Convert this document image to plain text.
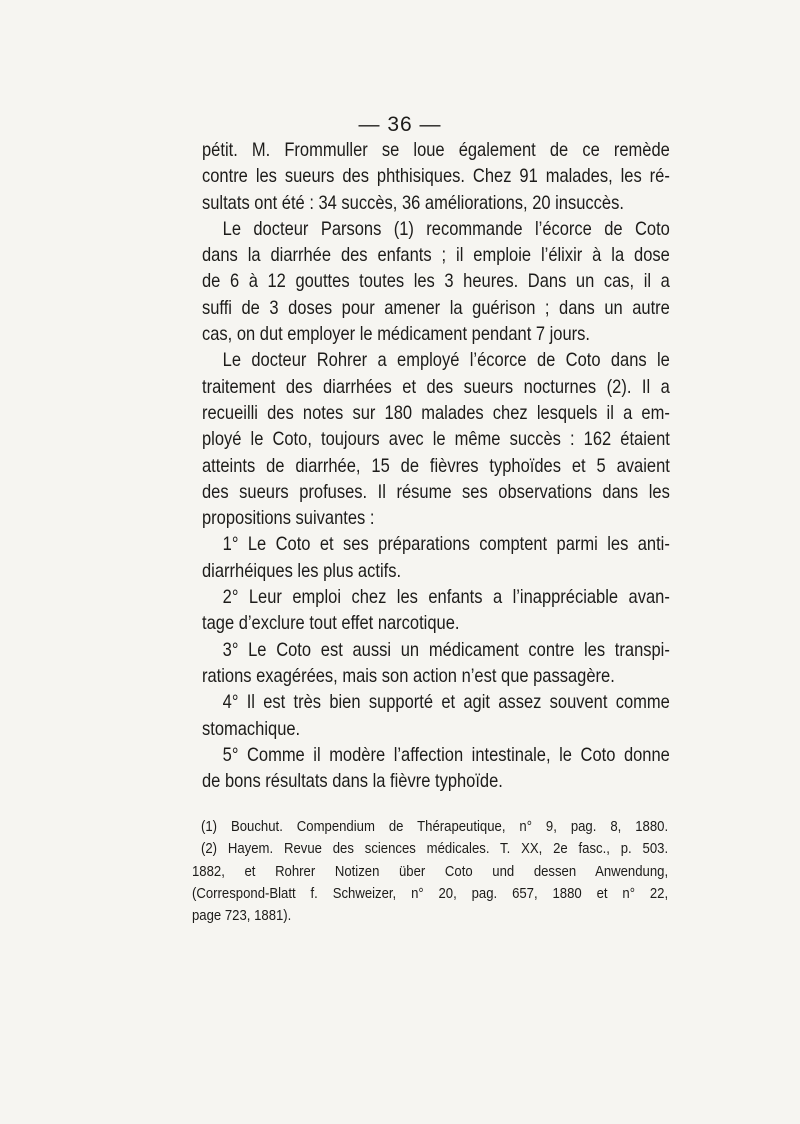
— 36 —
pétit. M. Frommuller se loue également de ce remède
contre les sueurs des phthisiques. Chez 91 malades, les ré-
sultats ont été : 34 succès, 36 améliorations, 20 insuccès.
Le docteur Parsons (1) recommande l’écorce de Coto
dans la diarrhée des enfants ; il emploie l’élixir à la dose
de 6 à 12 gouttes toutes les 3 heures. Dans un cas, il a
suffi de 3 doses pour amener la guérison ; dans un autre
cas, on dut employer le médicament pendant 7 jours.
Le docteur Rohrer a employé l’écorce de Coto dans le
traitement des diarrhées et des sueurs nocturnes (2). Il a
recueilli des notes sur 180 malades chez lesquels il a em-
ployé le Coto, toujours avec le même succès : 162 étaient
atteints de diarrhée, 15 de fièvres typhoïdes et 5 avaient
des sueurs profuses. Il résume ses observations dans les
propositions suivantes :
1° Le Coto et ses préparations comptent parmi les anti-
diarrhéiques les plus actifs.
2° Leur emploi chez les enfants a l’inappréciable avan-
tage d’exclure tout effet narcotique.
3° Le Coto est aussi un médicament contre les transpi-
rations exagérées, mais son action n’est que passagère.
4° Il est très bien supporté et agit assez souvent comme
stomachique.
5° Comme il modère l’affection intestinale, le Coto donne
de bons résultats dans la fièvre typhoïde.
(1) Bouchut. Compendium de Thérapeutique, n° 9, pag. 8, 1880.
(2) Hayem. Revue des sciences médicales. T. XX, 2e fasc., p. 503.
1882, et Rohrer Notizen über Coto und dessen Anwendung,
(Correspond-Blatt f. Schweizer, n° 20, pag. 657, 1880 et n° 22,
page 723, 1881).
